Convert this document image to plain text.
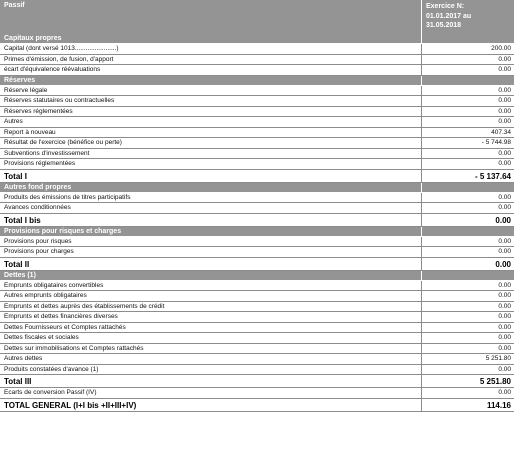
Passif	Exercice N:
01.01.2017 au
31.05.2018
Capitaux propres
Capital (dont versé 1013.......................)	200.00
Primes d'émission, de fusion, d'apport	0.00
écart d'équivalence réévaluations	0.00
Réserves
Réserve légale	0.00
Réserves statutaires ou contractuelles	0.00
Réserves réglementées	0.00
Autres	0.00
Report à nouveau	407.34
Résultat de l'exercice (bénéfice ou perte)	- 5 744.98
Subventions d'investissement	0.00
Provisions réglementées	0.00
Total I	- 5 137.64
Autres fond propres
Produits des émissions de titres participatifs	0.00
Avances conditionnées	0.00
Total I bis	0.00
Provisions pour risques et charges
Provisions pour risques	0.00
Provisions pour charges	0.00
Total II	0.00
Dettes (1)
Emprunts obligataires convertibles	0.00
Autres emprunts obligataires	0.00
Emprunts et dettes auprès des établissements de crédit	0.00
Emprunts et dettes financières diverses	0.00
Dettes Fournisseurs et Comptes rattachés	0.00
Dettes fiscales et sociales	0.00
Dettes sur immobilisations et Comptes rattachés	0.00
Autres dettes	5 251.80
Produits constatées d'avance (1)	0.00
Total III	5 251.80
Ecarts de conversion Passif (IV)	0.00
TOTAL GENERAL (I+I bis +II+III+IV)	114.16
